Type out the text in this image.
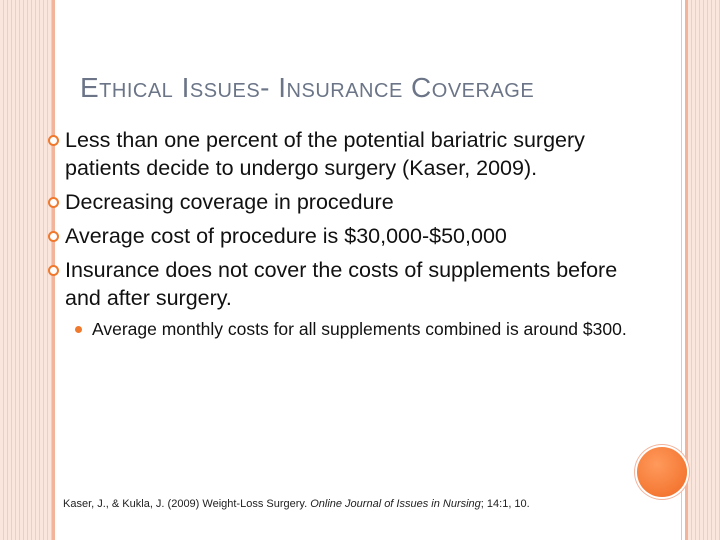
Ethical Issues- Insurance Coverage
Less than one percent of the potential bariatric surgery patients decide to undergo surgery (Kaser, 2009).
Decreasing coverage in procedure
Average cost of procedure is $30,000-$50,000
Insurance does not cover the costs of supplements before and after surgery.
Average monthly costs for all supplements combined is around $300.
Kaser, J., & Kukla, J. (2009) Weight-Loss Surgery. Online Journal of Issues in Nursing; 14:1, 10.
